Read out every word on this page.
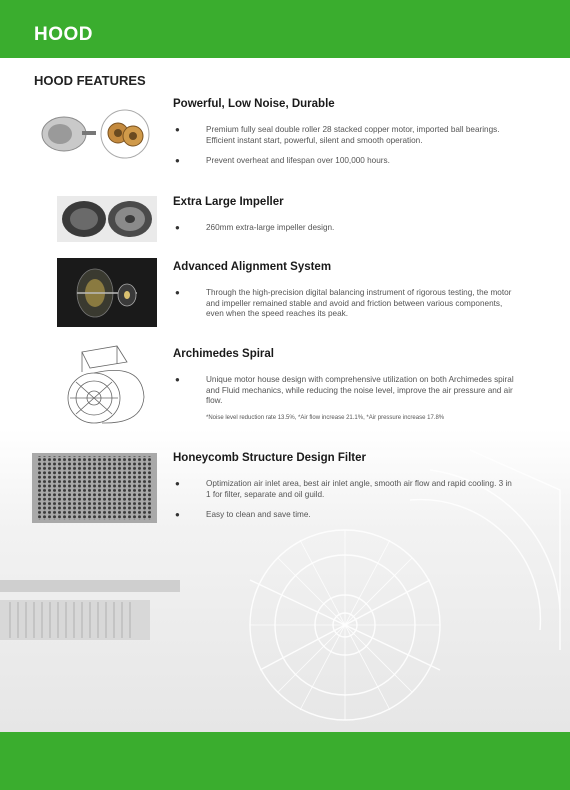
HOOD
HOOD FEATURES
Powerful, Low Noise, Durable
●	Premium fully seal double roller 28 stacked copper motor, imported ball bearings. Efficient instant start, powerful, silent and smooth operation.
●	Prevent overheat and lifespan over 100,000 hours.
Extra Large Impeller
●	260mm extra-large impeller design.
Advanced Alignment System
●	Through the high-precision digital balancing instrument of rigorous testing, the motor and impeller remained stable and avoid and friction between various components, even when the speed reaches its peak.
Archimedes Spiral
●	Unique motor house design with comprehensive utilization on both Archimedes spiral and Fluid mechanics, while reducing the noise level, improve the air pressure and air flow.
*Noise level reduction rate 13.5%, *Air flow increase 21.1%, *Air pressure increase 17.8%
Honeycomb Structure Design Filter
●	Optimization air inlet area, best air inlet angle, smooth air flow and rapid cooling. 3 in 1 for filter, separate and oil guild.
●	Easy to clean and save time.
